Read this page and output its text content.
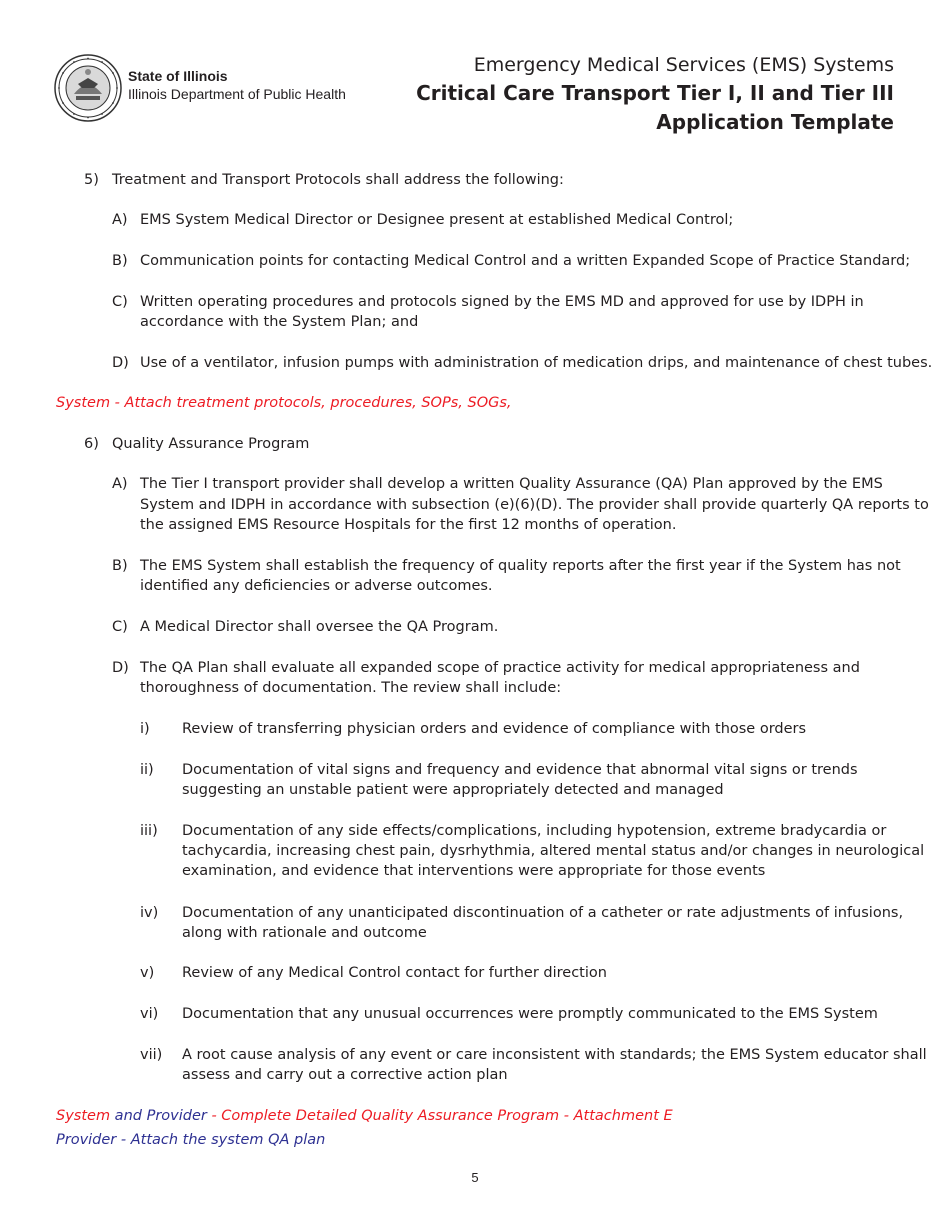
State of Illinois
Illinois Department of Public Health
Emergency Medical Services (EMS) Systems
Critical Care Transport Tier I, II and Tier III
Application Template
5) Treatment and Transport Protocols shall address the following:
A) EMS System Medical Director or Designee present at established Medical Control;
B) Communication points for contacting Medical Control and a written Expanded Scope of Practice Standard;
C) Written operating procedures and protocols signed by the EMS MD and approved for use by IDPH in
accordance with the System Plan; and
D) Use of a ventilator, infusion pumps with administration of medication drips, and maintenance of chest tubes.
System - Attach treatment protocols, procedures, SOPs, SOGs,
6) Quality Assurance Program
A) The Tier I transport provider shall develop a written Quality Assurance (QA) Plan approved by the EMS
System and IDPH in accordance with subsection (e)(6)(D). The provider shall provide quarterly QA reports to
the assigned EMS Resource Hospitals for the first 12 months of operation.
B) The EMS System shall establish the frequency of quality reports after the first year if the System has not
identified any deficiencies or adverse outcomes.
C) A Medical Director shall oversee the QA Program.
D) The QA Plan shall evaluate all expanded scope of practice activity for medical appropriateness and
thoroughness of documentation. The review shall include:
i) Review of transferring physician orders and evidence of compliance with those orders
ii) Documentation of vital signs and frequency and evidence that abnormal vital signs or trends
suggesting an unstable patient were appropriately detected and managed
iii) Documentation of any side effects/complications, including hypotension, extreme bradycardia or
tachycardia, increasing chest pain, dysrhythmia, altered mental status and/or changes in neurological
examination, and evidence that interventions were appropriate for those events
iv) Documentation of any unanticipated discontinuation of a catheter or rate adjustments of infusions,
along with rationale and outcome
v) Review of any Medical Control contact for further direction
vi) Documentation that any unusual occurrences were promptly communicated to the EMS System
vii) A root cause analysis of any event or care inconsistent with standards; the EMS System educator shall
assess and carry out a corrective action plan
System and Provider - Complete Detailed Quality Assurance Program - Attachment E
Provider - Attach the system QA plan
5
